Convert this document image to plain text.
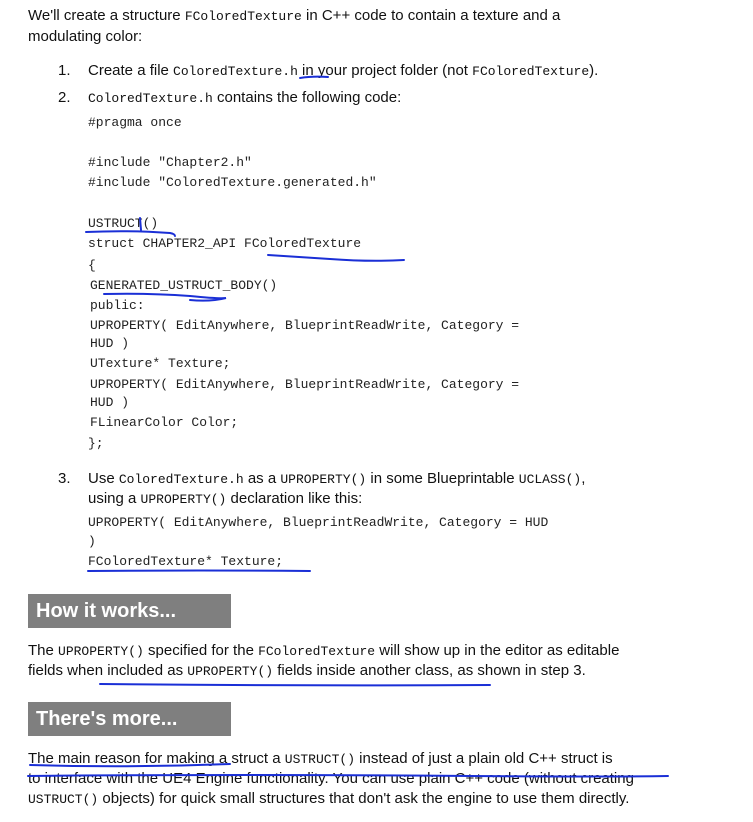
We'll create a structure FColoredTexture in C++ code to contain a texture and a
modulating color:
1. Create a file ColoredTexture.h in your project folder (not FColoredTexture).
2. ColoredTexture.h contains the following code:
#pragma once
#include "Chapter2.h"
#include "ColoredTexture.generated.h"
USTRUCT()
struct CHAPTER2_API FColoredTexture
{
GENERATED_USTRUCT_BODY()
public:
UPROPERTY( EditAnywhere, BlueprintReadWrite, Category =
HUD )
UTexture* Texture;
UPROPERTY( EditAnywhere, BlueprintReadWrite, Category =
HUD )
FLinearColor Color;
};
3. Use ColoredTexture.h as a UPROPERTY() in some Blueprintable UCLASS(),
using a UPROPERTY() declaration like this:
UPROPERTY( EditAnywhere, BlueprintReadWrite, Category = HUD
)
FColoredTexture* Texture;
How it works...
The UPROPERTY() specified for the FColoredTexture will show up in the editor as editable
fields when included as UPROPERTY() fields inside another class, as shown in step 3.
There's more...
The main reason for making a struct a USTRUCT() instead of just a plain old C++ struct is
to interface with the UE4 Engine functionality. You can use plain C++ code (without creating
USTRUCT() objects) for quick small structures that don't ask the engine to use them directly.
